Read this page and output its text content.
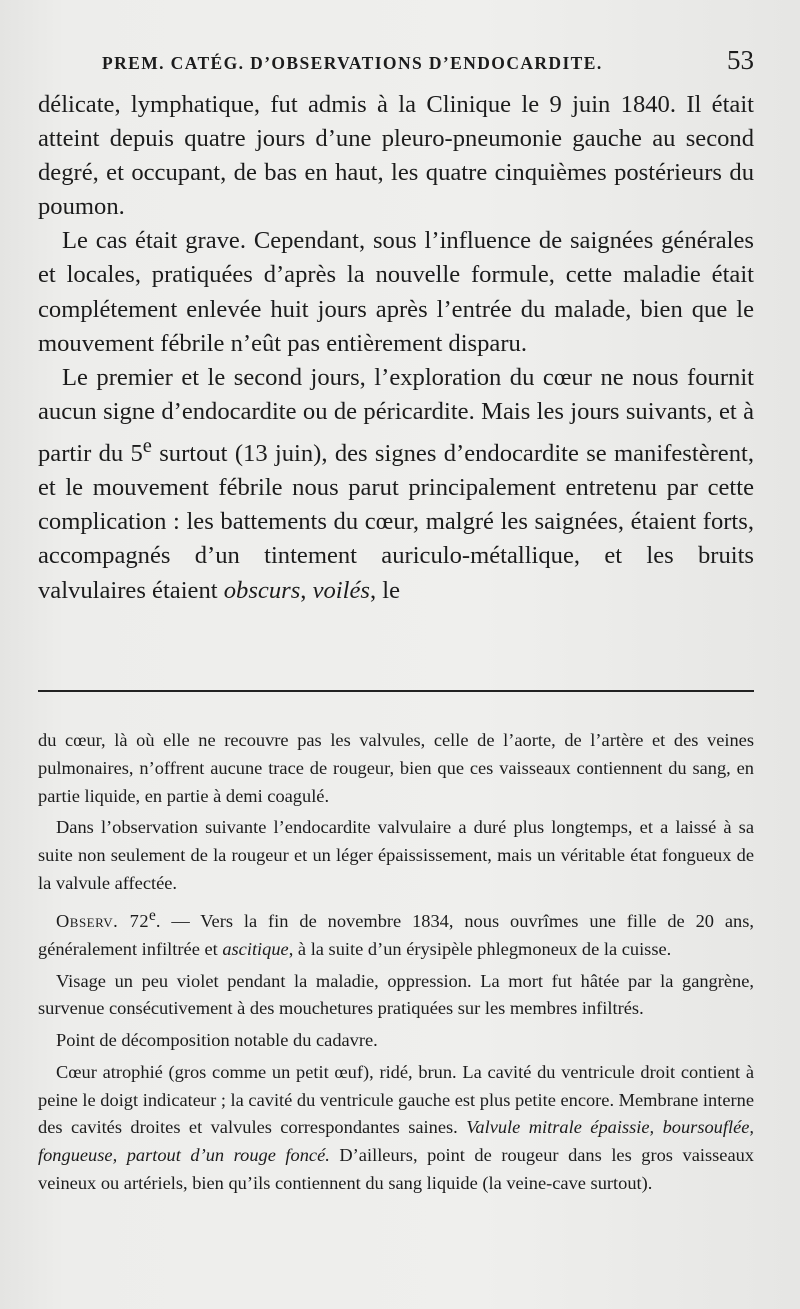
PREM. CATÉG. D’OBSERVATIONS D’ENDOCARDITE.	53

délicate, lymphatique, fut admis à la Clinique le 9 juin 1840. Il était atteint depuis quatre jours d’une pleuro-pneumonie gauche au second degré, et occupant, de bas en haut, les quatre cinquièmes postérieurs du poumon.

Le cas était grave. Cependant, sous l’influence de saignées générales et locales, pratiquées d’après la nouvelle formule, cette maladie était complétement enlevée huit jours après l’entrée du malade, bien que le mouvement fébrile n’eût pas entièrement disparu.

Le premier et le second jours, l’exploration du cœur ne nous fournit aucun signe d’endocardite ou de péricardite. Mais les jours suivants, et à partir du 5e surtout (13 juin), des signes d’endocardite se manifestèrent, et le mouvement fébrile nous parut principalement entretenu par cette complication : les battements du cœur, malgré les saignées, étaient forts, accompagnés d’un tintement auriculo-métallique, et les bruits valvulaires étaient obscurs, voilés, le

du cœur, là où elle ne recouvre pas les valvules, celle de l’aorte, de l’artère et des veines pulmonaires, n’offrent aucune trace de rougeur, bien que ces vaisseaux contiennent du sang, en partie liquide, en partie à demi coagulé.

Dans l’observation suivante l’endocardite valvulaire a duré plus longtemps, et a laissé à sa suite non seulement de la rougeur et un léger épaississement, mais un véritable état fongueux de la valvule affectée.

Observ. 72e. — Vers la fin de novembre 1834, nous ouvrîmes une fille de 20 ans, généralement infiltrée et ascitique, à la suite d’un érysipèle phlegmoneux de la cuisse.

Visage un peu violet pendant la maladie, oppression. La mort fut hâtée par la gangrène, survenue consécutivement à des mouchetures pratiquées sur les membres infiltrés.

Point de décomposition notable du cadavre.

Cœur atrophié (gros comme un petit œuf), ridé, brun. La cavité du ventricule droit contient à peine le doigt indicateur ; la cavité du ventricule gauche est plus petite encore. Membrane interne des cavités droites et valvules correspondantes saines. Valvule mitrale épaissie, boursouflée, fongueuse, partout d’un rouge foncé. D’ailleurs, point de rougeur dans les gros vaisseaux veineux ou artériels, bien qu’ils contiennent du sang liquide (la veine-cave surtout).
